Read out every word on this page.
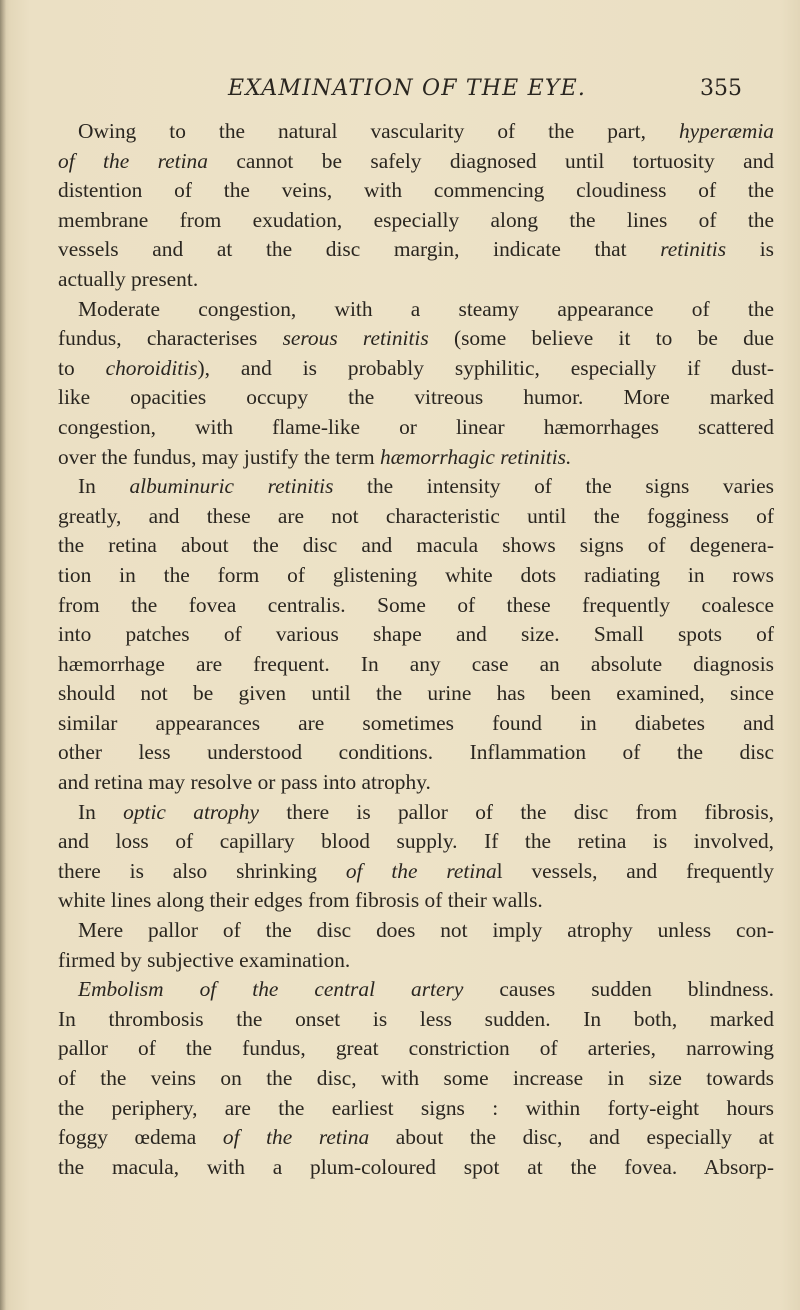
EXAMINATION OF THE EYE.	355

Owing to the natural vascularity of the part, hyperæmia
of the retina cannot be safely diagnosed until tortuosity and
distention of the veins, with commencing cloudiness of the
membrane from exudation, especially along the lines of the
vessels and at the disc margin, indicate that retinitis is
actually present.

Moderate congestion, with a steamy appearance of the
fundus, characterises serous retinitis (some believe it to be due
to choroiditis), and is probably syphilitic, especially if dust-
like opacities occupy the vitreous humor. More marked
congestion, with flame-like or linear hæmorrhages scattered
over the fundus, may justify the term hæmorrhagic retinitis.

In albuminuric retinitis the intensity of the signs varies
greatly, and these are not characteristic until the fogginess of
the retina about the disc and macula shows signs of degenera-
tion in the form of glistening white dots radiating in rows
from the fovea centralis. Some of these frequently coalesce
into patches of various shape and size. Small spots of
hæmorrhage are frequent. In any case an absolute diagnosis
should not be given until the urine has been examined, since
similar appearances are sometimes found in diabetes and
other less understood conditions. Inflammation of the disc
and retina may resolve or pass into atrophy.

In optic atrophy there is pallor of the disc from fibrosis,
and loss of capillary blood supply. If the retina is involved,
there is also shrinking of the retinal vessels, and frequently
white lines along their edges from fibrosis of their walls.

Mere pallor of the disc does not imply atrophy unless con-
firmed by subjective examination.

Embolism of the central artery causes sudden blindness.
In thrombosis the onset is less sudden. In both, marked
pallor of the fundus, great constriction of arteries, narrowing
of the veins on the disc, with some increase in size towards
the periphery, are the earliest signs : within forty-eight hours
foggy œdema of the retina about the disc, and especially at
the macula, with a plum-coloured spot at the fovea. Absorp-
